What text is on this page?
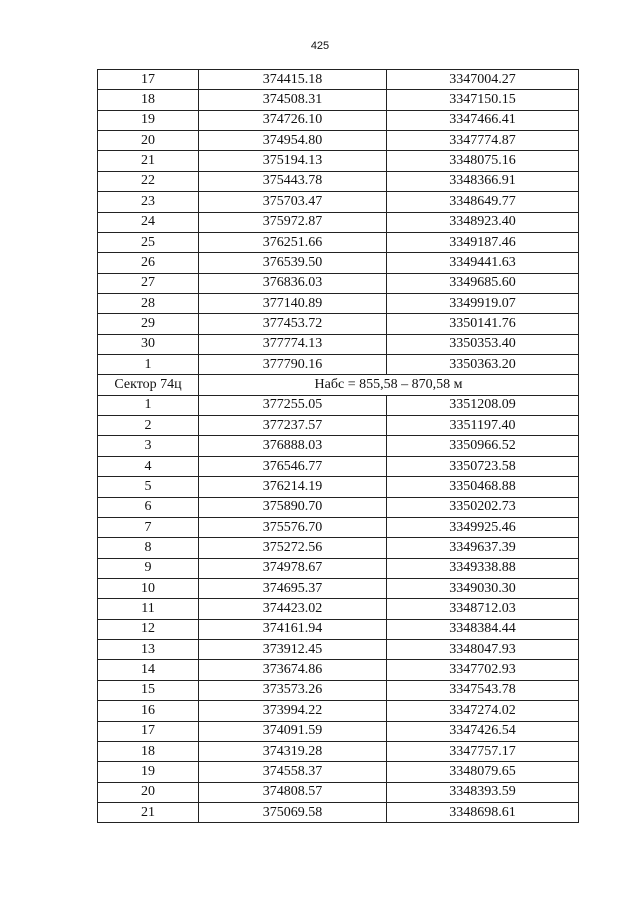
425
17	374415.18	3347004.27
18	374508.31	3347150.15
19	374726.10	3347466.41
20	374954.80	3347774.87
21	375194.13	3348075.16
22	375443.78	3348366.91
23	375703.47	3348649.77
24	375972.87	3348923.40
25	376251.66	3349187.46
26	376539.50	3349441.63
27	376836.03	3349685.60
28	377140.89	3349919.07
29	377453.72	3350141.76
30	377774.13	3350353.40
1	377790.16	3350363.20
Сектор 74ц	Набс = 855,58 – 870,58 м	
1	377255.05	3351208.09
2	377237.57	3351197.40
3	376888.03	3350966.52
4	376546.77	3350723.58
5	376214.19	3350468.88
6	375890.70	3350202.73
7	375576.70	3349925.46
8	375272.56	3349637.39
9	374978.67	3349338.88
10	374695.37	3349030.30
11	374423.02	3348712.03
12	374161.94	3348384.44
13	373912.45	3348047.93
14	373674.86	3347702.93
15	373573.26	3347543.78
16	373994.22	3347274.02
17	374091.59	3347426.54
18	374319.28	3347757.17
19	374558.37	3348079.65
20	374808.57	3348393.59
21	375069.58	3348698.61
